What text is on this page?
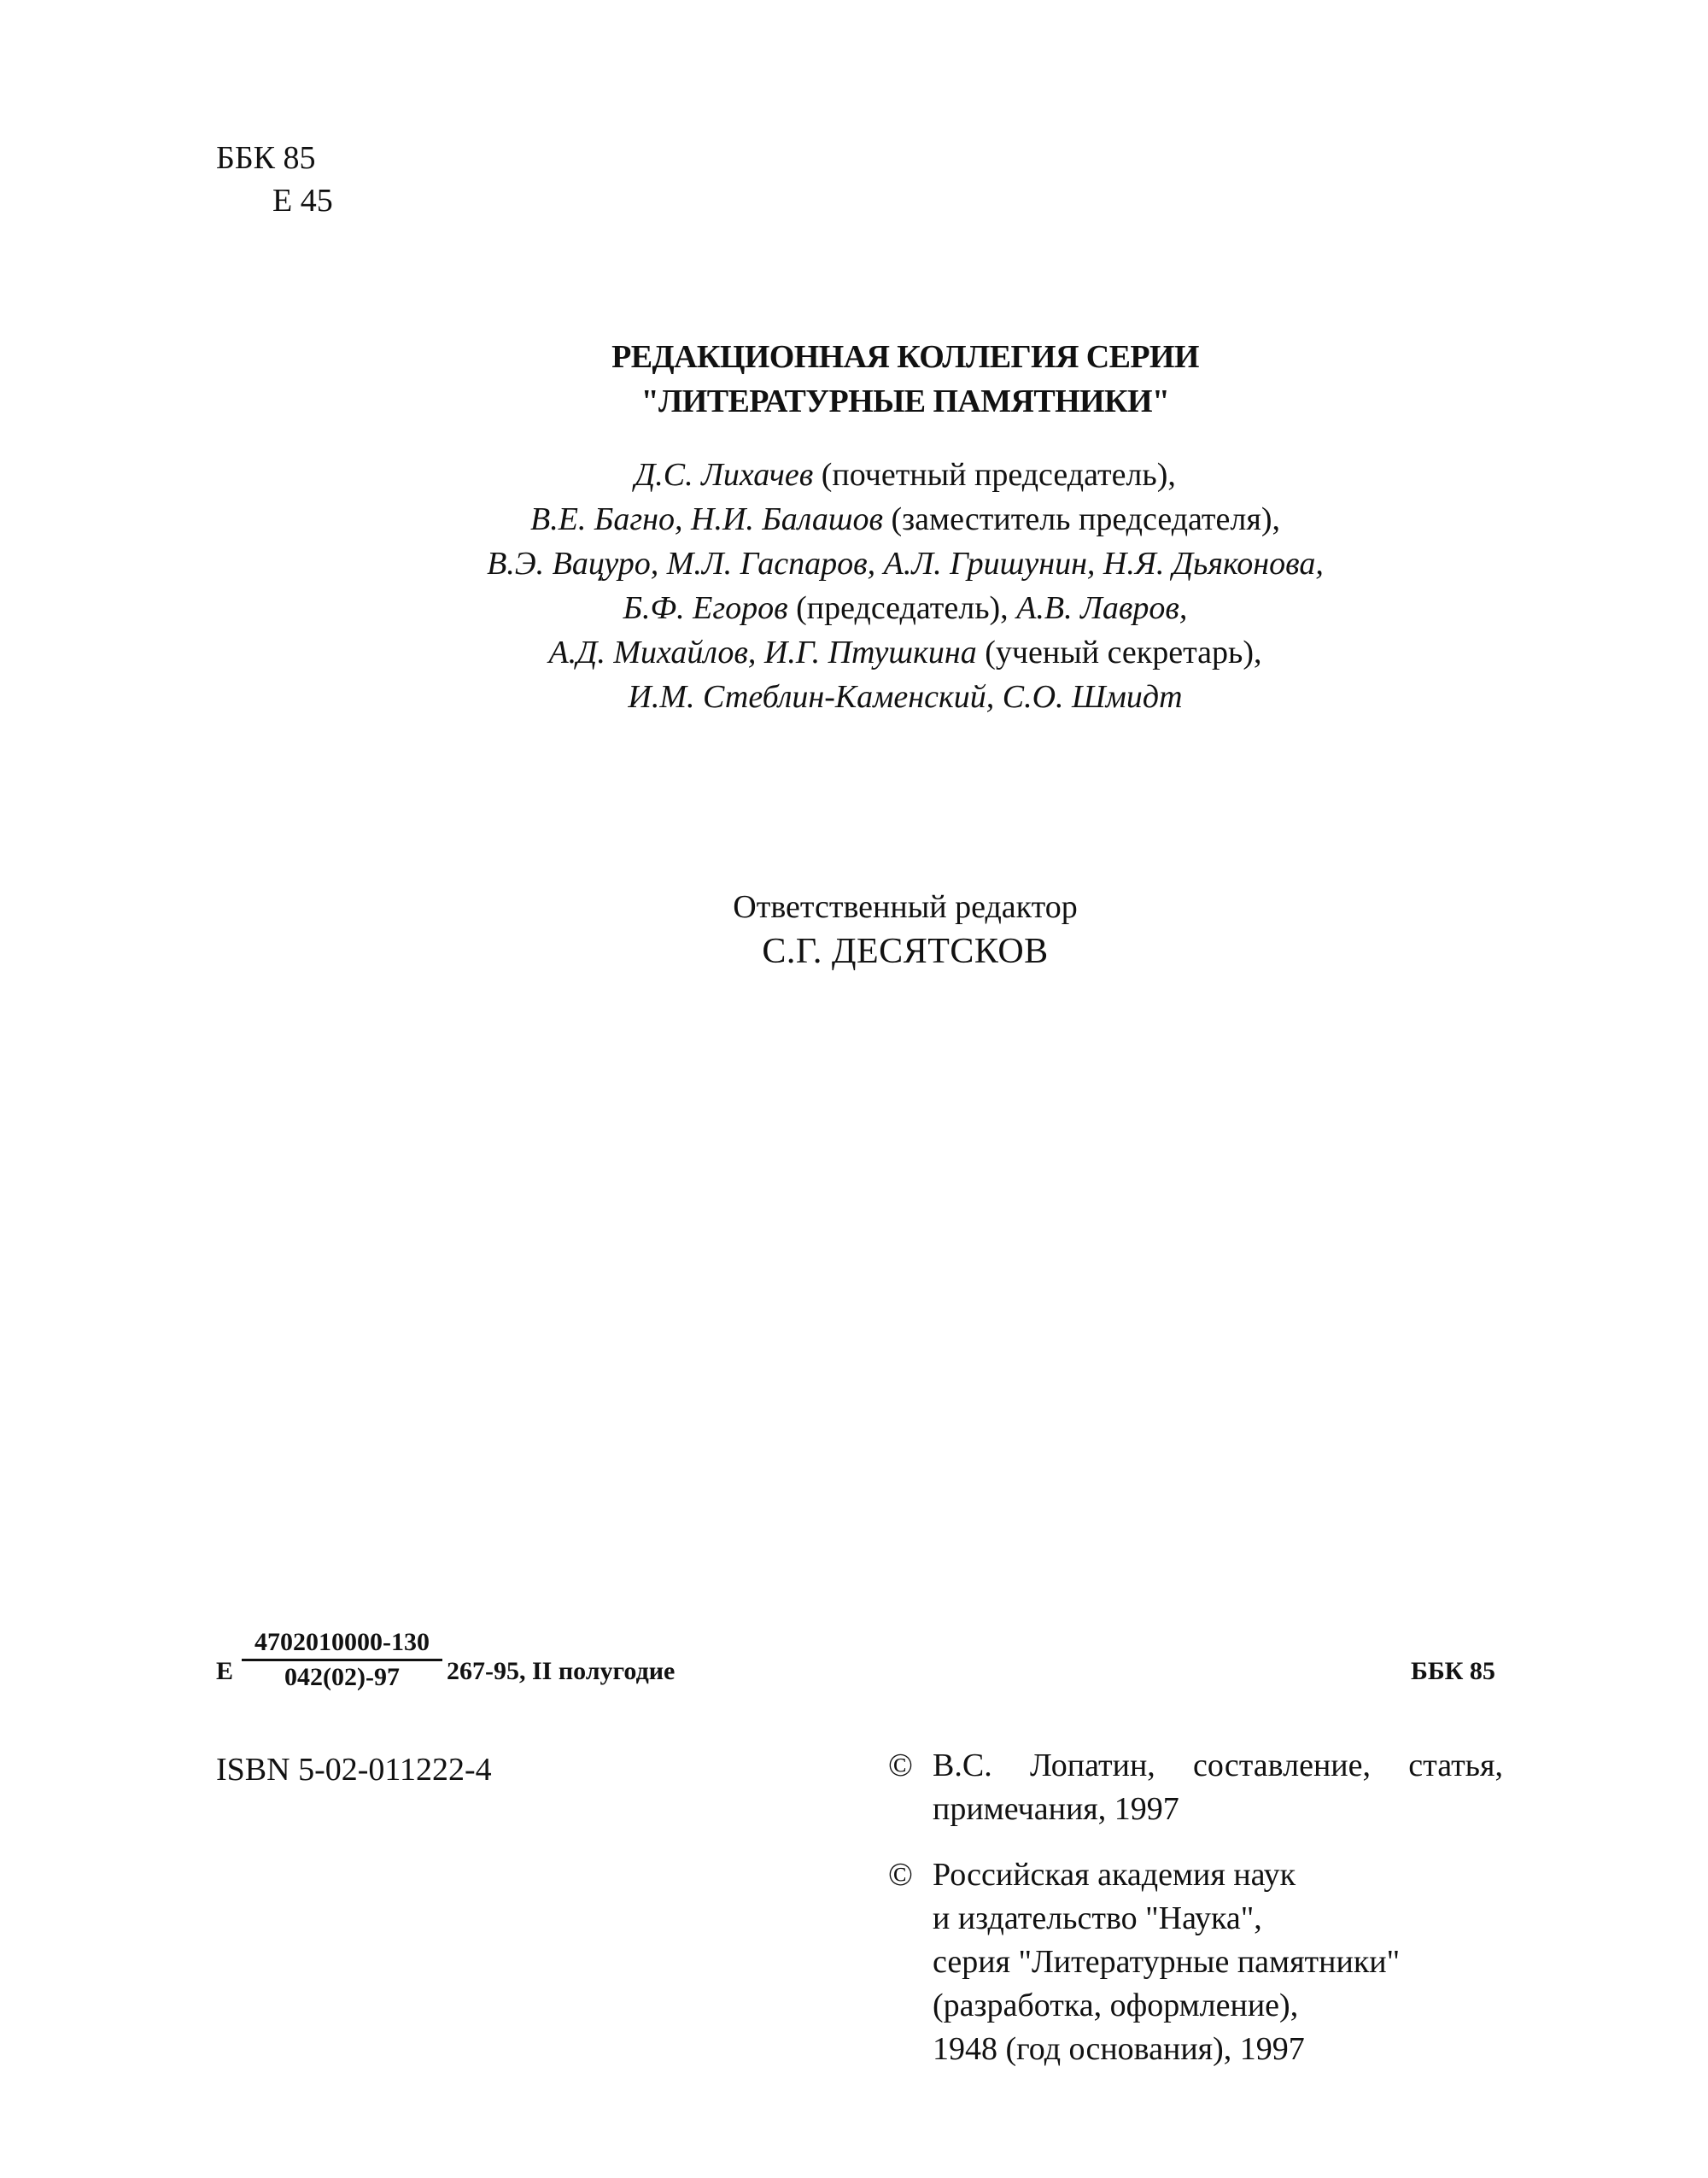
ББК 85
Е 45
РЕДАКЦИОННАЯ КОЛЛЕГИЯ СЕРИИ
"ЛИТЕРАТУРНЫЕ ПАМЯТНИКИ"
Д.С. Лихачев (почетный председатель),
В.Е. Багно, Н.И. Балашов (заместитель председателя),
В.Э. Вацуро, М.Л. Гаспаров, А.Л. Гришунин, Н.Я. Дьяконова,
Б.Ф. Егоров (председатель), А.В. Лавров,
А.Д. Михайлов, И.Г. Птушкина (ученый секретарь),
И.М. Стеблин-Каменский, С.О. Шмидт
Ответственный редактор
С.Г. ДЕСЯТСКОВ
Е $\frac{4702010000-130}{042(02)-97} 267-95$, II полугодие	ББК 85
ISBN 5-02-011222-4	© В.С. Лопатин, составление, статья,
примечания, 1997
© Российская академия наук
и издательство "Наука",
серия "Литературные памятники"
(разработка, оформление),
1948 (год основания), 1997
